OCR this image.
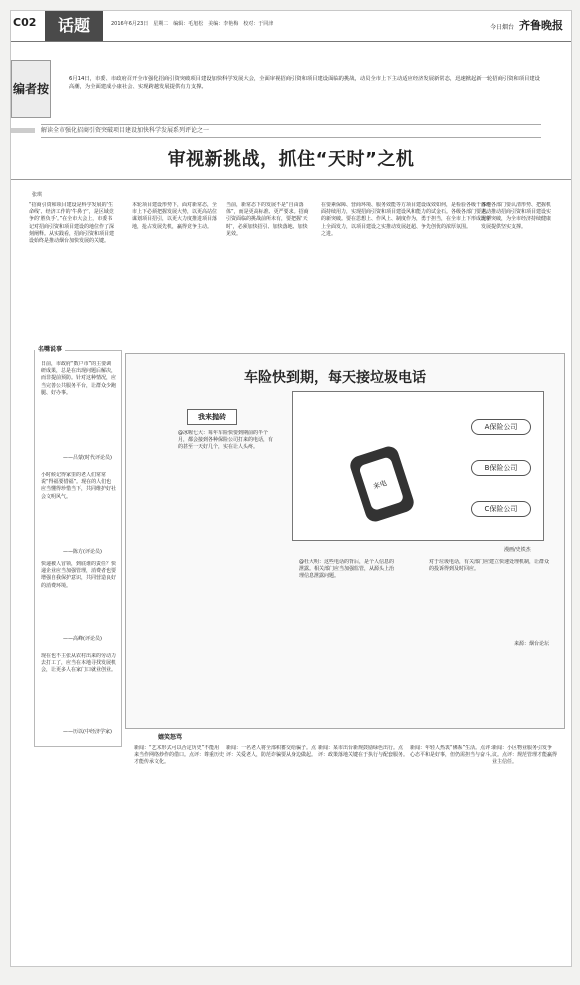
C02	话题	2016年6月23日　星期二　编辑：毛旭松　美编：李艳梅　校对：于同津	今日烟台 齐鲁晚报
编者按
6月14日，市委、市政府召开全市强化招商引资突破项目建设加快科学发展大会，全面审视招商引资和项目建设面临的挑战，动员全市上下主动适应经济发展新常态，迅速掀起新一轮招商引资和项目建设高潮，为全面建成小康社会、实现跨越发展提供有力支撑。
解读全市强化招商引资突破项目建设加快科学发展系列评论之一
审视新挑战，抓住“天时”之机
张琪
“招商引资和项目建设是科学发展的‘生命线’、经济工作的‘牛鼻子’，是区域竞争的‘胜负手’。”在全市大会上，市委书记对招商引资和项目建设的地位作了深刻阐释。从实践看，招商引资和项目建设始终是推动烟台加快发展的关键。
本轮项目建设形势下，面对新常态，全市上下必须把握发展大势，以更高站位谋划项目招引，以更大力度推进项目落地，抢占发展先机，赢得竞争主动。
当前，新常态下的发展不是“自由落体”，而是更高标准、更严要求。招商引资面临的挑战前所未有，要把握‘天时’，必须加快招引、加快落地、加快见效。
在要素保障、营商环境、服务效能等方面持续用力，实现招商引资和项目建设的新突破。要在思想上、作风上、制度上全面发力，以项目建设之实推动发展之进。
项目建设成效如何，是检验各级干部作风和能力的试金石。各级各部门要主动作为，勇于担当，在全市上下形成比学赶超、争先创优的浓厚氛围。
各地各部门要认清形势、把握机遇，推动招商引资和项目建设实现新突破，为全市经济持续健康发展提供坚实支撑。
名嘴说事
日前，市政府“数户市”的主要调研成果，总是在出现问题后解决，而非提前预防。针对这种情况，应当完善公共服务平台，让群众少跑腿、好办事。
——吕蒙(时代评论员)
小时候记得家里的老人们常常说“得福要惜福”。现在的人们也应当懂得珍惜当下，共同维护好社会文明风气。
——陈方(评论员)
快递被人冒领，到底谁的责任？快递企业应当加强管理，消费者也要增强自我保护意识，共同营造良好的消费环境。
——高峰(评论员)
现在也不主张从农村出来的劳动力去打工了，应当在本地寻找发展机会，让更多人在家门口就业创业。
——历以(中经济学家)
车险快到期，每天接垃圾电话
我来抛砖
@冰喔七大：每年车险快要到期前的半个月，都会接到各种保险公司打来的电话，有的甚至一天好几个，实在让人头疼。
@杜大明：这些电话的背后，是个人信息的泄露。相关部门应当加强监管，从源头上治理信息泄露问题。
对于垃圾电话，有关部门应建立快速处理机制，让群众的投诉得到及时回应。
来电
A保险公司
B保险公司
C保险公司
漫画/史铁杰
来源：烟台论坛
嬉笑怒骂
新闻：“艺术形式可以否定历史”不能用来当作网络炒作的借口。点评：尊重历史才能传承文化。
新闻：一名老人将全部积蓄交给骗子。点评：关爱老人，防范诈骗要从身边做起。
新闻：某市出台新规鼓励绿色出行。点评：政策落地关键在于执行与配套服务。
新闻：年轻人热衷“佛系”生活。点评：心态平和是好事，但仍需担当与奋斗。
新闻：小区物业服务引发争议。点评：规范管理才能赢得业主信任。
